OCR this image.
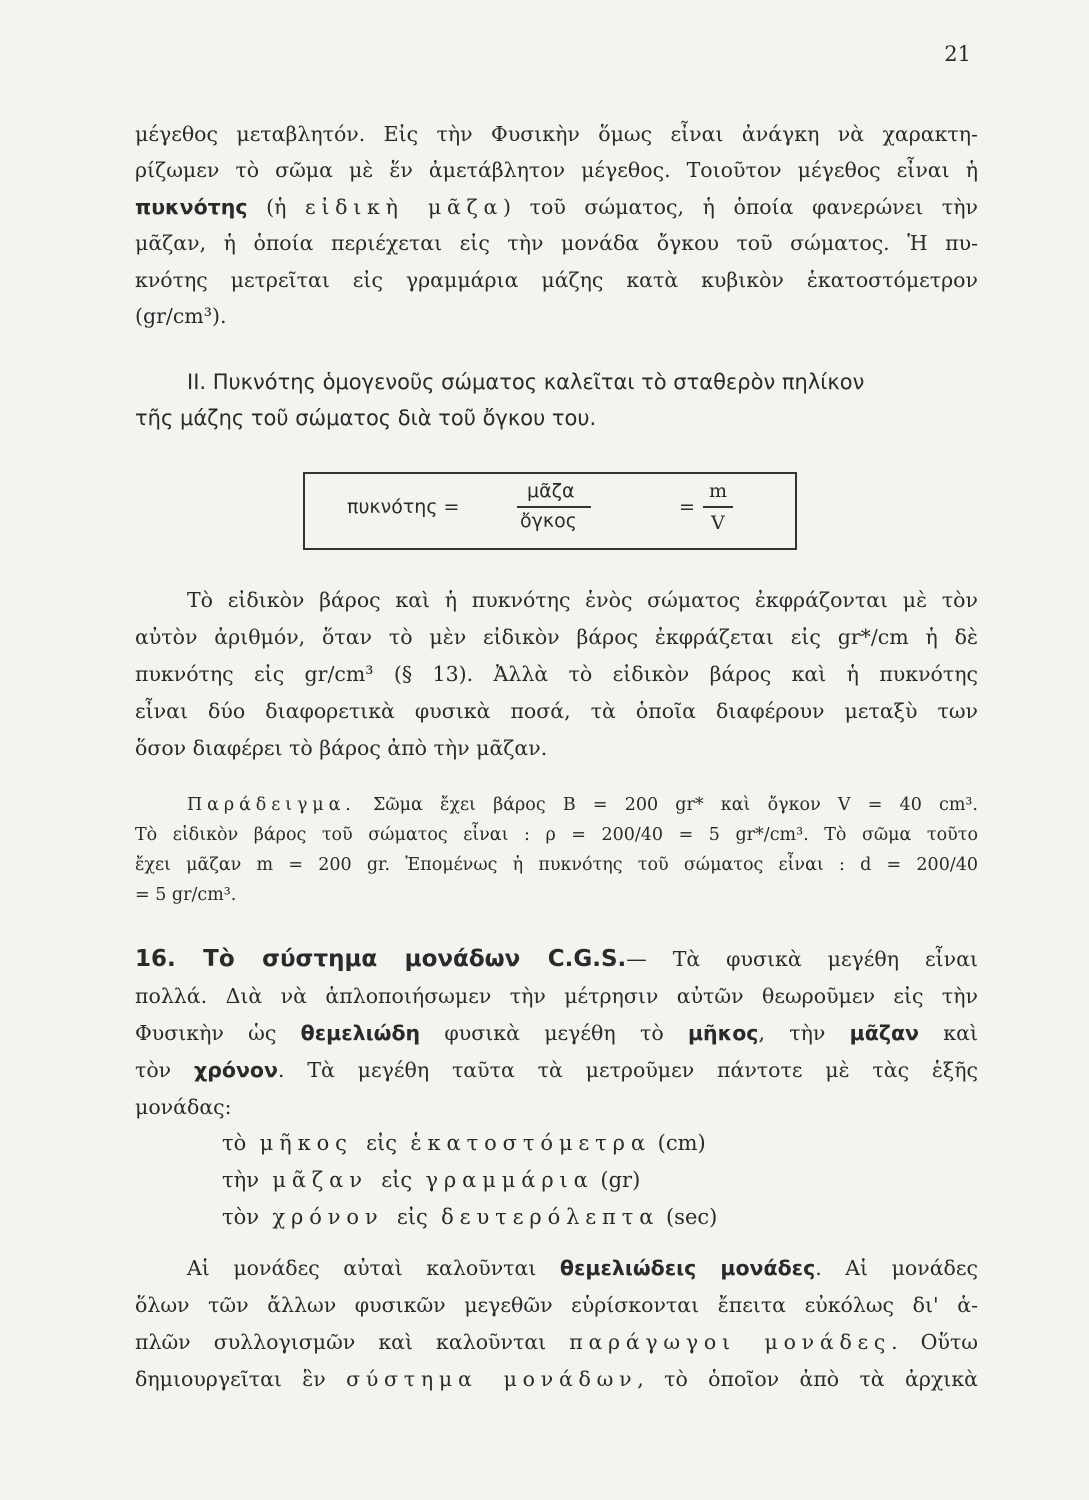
21
μέγεθος μεταβλητόν. Εἰς τὴν Φυσικὴν ὅμως εἶναι ἀνάγκη νὰ χαρακτη-
ρίζωμεν τὸ σῶμα μὲ ἕν ἀμετάβλητον μέγεθος. Τοιοῦτον μέγεθος εἶναι ἡ
πυκνότης (ἡ εἰδικὴ μᾶζα) τοῦ σώματος, ἡ ὁποία φανερώνει τὴν
μᾶζαν, ἡ ὁποία περιέχεται εἰς τὴν μονάδα ὄγκου τοῦ σώματος. Ἡ πυ-
κνότης μετρεῖται εἰς γραμμάρια μάζης κατὰ κυβικὸν ἑκατοστόμετρον
(gr/cm³).
ΙΙ. Πυκνότης ὁμογενοῦς σώματος καλεῖται τὸ σταθερὸν πηλίκον
τῆς μάζης τοῦ σώματος διὰ τοῦ ὄγκου του.
πυκνότης =
μᾶζα
ὄγκος
=
m
V
Τὸ εἰδικὸν βάρος καὶ ἡ πυκνότης ἑνὸς σώματος ἐκφράζονται μὲ τὸν
αὐτὸν ἀριθμόν, ὅταν τὸ μὲν εἰδικὸν βάρος ἐκφράζεται εἰς gr*/cm ἡ δὲ
πυκνότης εἰς gr/cm³ (§ 13). Ἀλλὰ τὸ εἰδικὸν βάρος καὶ ἡ πυκνότης
εἶναι δύο διαφορετικὰ φυσικὰ ποσά, τὰ ὁποῖα διαφέρουν μεταξὺ των
ὅσον διαφέρει τὸ βάρος ἀπὸ τὴν μᾶζαν.
Παράδειγμα. Σῶμα ἔχει βάρος B = 200 gr* καὶ ὄγκον V = 40 cm³.
Τὸ εἰδικὸν βάρος τοῦ σώματος εἶναι : ρ = 200/40 = 5 gr*/cm³. Τὸ σῶμα τοῦτο
ἔχει μᾶζαν m = 200 gr. Ἐπομένως ἡ πυκνότης τοῦ σώματος εἶναι : d = 200/40
= 5 gr/cm³.
16. Τὸ σύστημα μονάδων C.G.S.— Τὰ φυσικὰ μεγέθη εἶναι
πολλά. Διὰ νὰ ἁπλοποιήσωμεν τὴν μέτρησιν αὐτῶν θεωροῦμεν εἰς τὴν
Φυσικὴν ὡς θεμελιώδη φυσικὰ μεγέθη τὸ μῆκος, τὴν μᾶζαν καὶ
τὸν χρόνον. Τὰ μεγέθη ταῦτα τὰ μετροῦμεν πάντοτε μὲ τὰς ἑξῆς
μονάδας:
τὸ μῆκος εἰς ἑκατοστόμετρα (cm)
τὴν μᾶζαν εἰς γραμμάρια (gr)
τὸν χρόνον εἰς δευτερόλεπτα (sec)
Αἱ μονάδες αὐταὶ καλοῦνται θεμελιώδεις μονάδες. Αἱ μονάδες
ὅλων τῶν ἄλλων φυσικῶν μεγεθῶν εὑρίσκονται ἔπειτα εὐκόλως δι' ἁ-
πλῶν συλλογισμῶν καὶ καλοῦνται παράγωγοι μονάδες. Οὕτω
δημιουργεῖται ἓν σύστημα μονάδων, τὸ ὁποῖον ἀπὸ τὰ ἀρχικὰ
